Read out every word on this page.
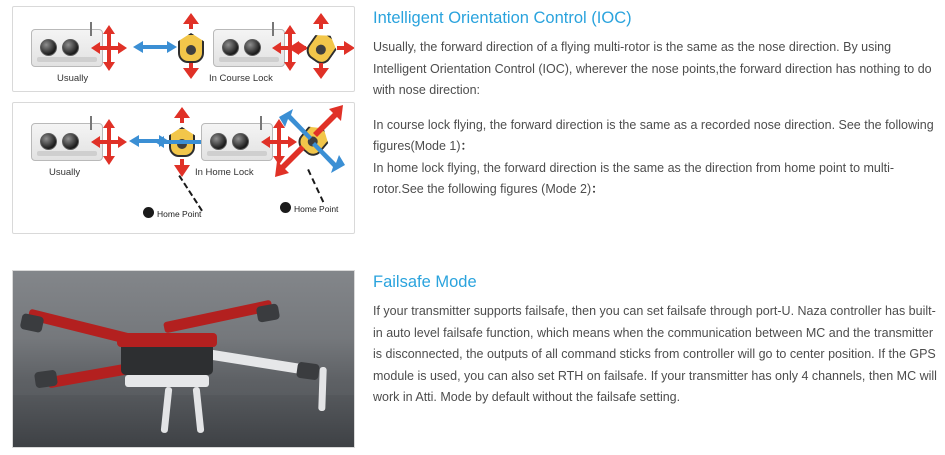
Usually	In Course Lock
Home Point	Home Point
Usually	In Home Lock
Intelligent Orientation Control (IOC)

Usually, the forward direction of a flying multi-rotor is the same as the nose direction. By using Intelligent Orientation Control (IOC), wherever the nose points,the forward direction has nothing to do with nose direction:

In course lock flying, the forward direction is the same as a recorded nose direction. See the following figures(Mode 1)：

In home lock flying, the forward direction is the same as the direction from home point to multi-rotor.See the following figures (Mode 2)：

Failsafe Mode

If your transmitter supports failsafe, then you can set failsafe through port-U. Naza controller has built-in auto level failsafe function, which means when the communication between MC and the transmitter is disconnected, the outputs of all command sticks from controller will go to center position. If the GPS module is used, you can also set RTH on failsafe. If your transmitter has only 4 channels, then MC will work in Atti. Mode by default without the failsafe setting.
